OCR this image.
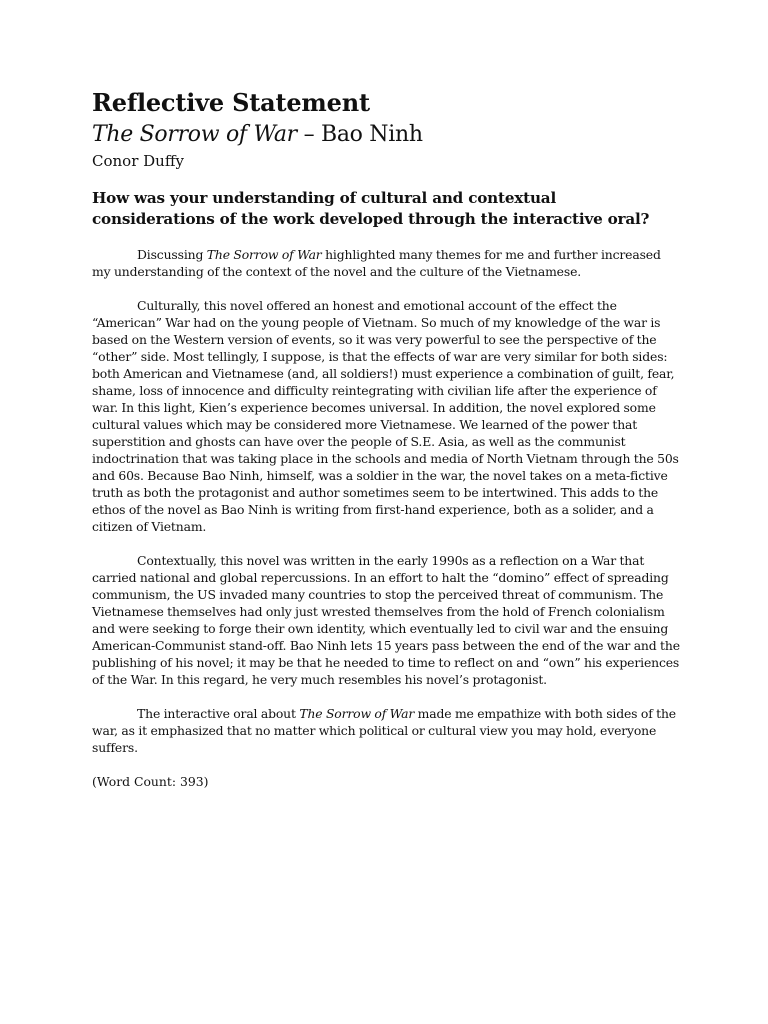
Reflective Statement

The Sorrow of War – Bao Ninh

Conor Duffy

How was your understanding of cultural and contextual considerations of the work developed through the interactive oral?

Discussing The Sorrow of War highlighted many themes for me and further increased my understanding of the context of the novel and the culture of the Vietnamese.

Culturally, this novel offered an honest and emotional account of the effect the “American” War had on the young people of Vietnam. So much of my knowledge of the war is based on the Western version of events, so it was very powerful to see the perspective of the “other” side. Most tellingly, I suppose, is that the effects of war are very similar for both sides: both American and Vietnamese (and, all soldiers!) must experience a combination of guilt, fear, shame, loss of innocence and difficulty reintegrating with civilian life after the experience of war. In this light, Kien’s experience becomes universal. In addition, the novel explored some cultural values which may be considered more Vietnamese. We learned of the power that superstition and ghosts can have over the people of S.E. Asia, as well as the communist indoctrination that was taking place in the schools and media of North Vietnam through the 50s and 60s. Because Bao Ninh, himself, was a soldier in the war, the novel takes on a meta-fictive truth as both the protagonist and author sometimes seem to be intertwined. This adds to the ethos of the novel as Bao Ninh is writing from first-hand experience, both as a solider, and a citizen of Vietnam.

Contextually, this novel was written in the early 1990s as a reflection on a War that carried national and global repercussions. In an effort to halt the “domino” effect of spreading communism, the US invaded many countries to stop the perceived threat of communism. The Vietnamese themselves had only just wrested themselves from the hold of French colonialism and were seeking to forge their own identity, which eventually led to civil war and the ensuing American-Communist stand-off. Bao Ninh lets 15 years pass between the end of the war and the publishing of his novel; it may be that he needed to time to reflect on and “own” his experiences of the War. In this regard, he very much resembles his novel’s protagonist.

The interactive oral about The Sorrow of War made me empathize with both sides of the war, as it emphasized that no matter which political or cultural view you may hold, everyone suffers.

(Word Count: 393)
